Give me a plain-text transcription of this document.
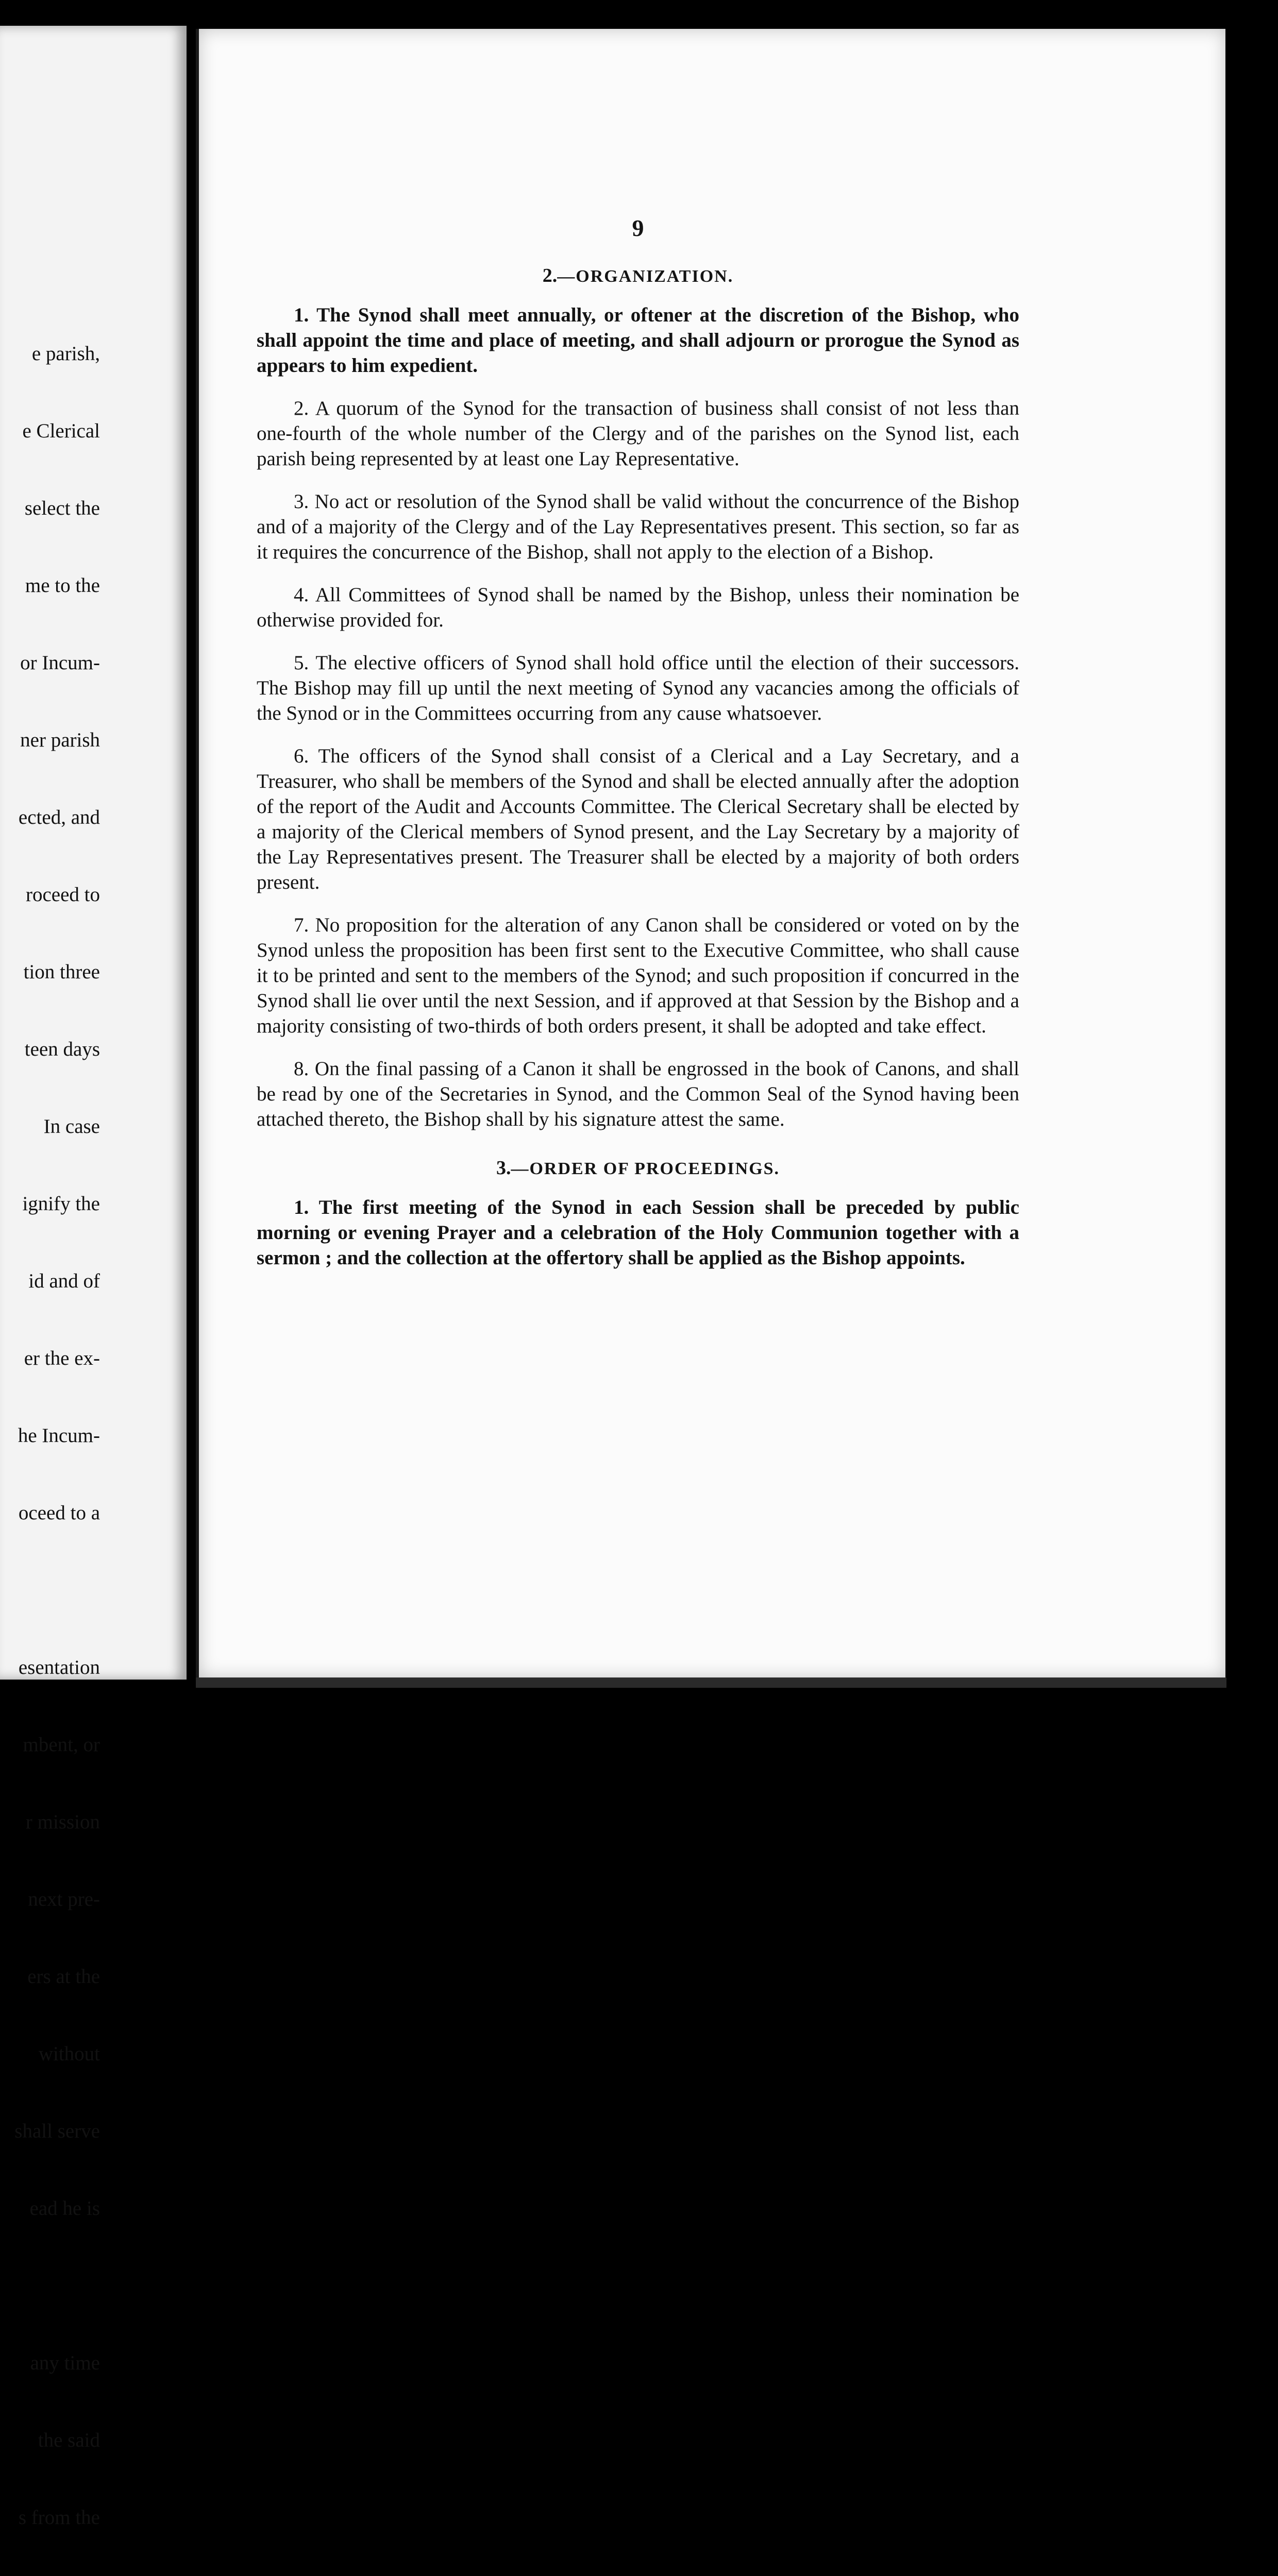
e parish,

e Clerical

select the

me to the

or Incum-

ner parish

ected, and

roceed to

tion three

teen days

In case

ignify the

id and of

er the ex-

he Incum-

oceed to a

esentation

mbent, or

r mission

next pre-

ers at the

without

shall serve

ead he is

any time

the said

s from the

9
2.—ORGANIZATION.

1. The Synod shall meet annually, or oftener at the discretion of the Bishop, who shall appoint the time and place of meeting, and shall adjourn or prorogue the Synod as appears to him expedient.

2. A quorum of the Synod for the transaction of business shall consist of not less than one-fourth of the whole number of the Clergy and of the parishes on the Synod list, each parish being represented by at least one Lay Representative.

3. No act or resolution of the Synod shall be valid without the concurrence of the Bishop and of a majority of the Clergy and of the Lay Representatives present. This section, so far as it requires the concurrence of the Bishop, shall not apply to the election of a Bishop.

4. All Committees of Synod shall be named by the Bishop, unless their nomination be otherwise provided for.

5. The elective officers of Synod shall hold office until the election of their successors. The Bishop may fill up until the next meeting of Synod any vacancies among the officials of the Synod or in the Committees occurring from any cause whatsoever.

6. The officers of the Synod shall consist of a Clerical and a Lay Secretary, and a Treasurer, who shall be members of the Synod and shall be elected annually after the adoption of the report of the Audit and Accounts Committee. The Clerical Secretary shall be elected by a majority of the Clerical members of Synod present, and the Lay Secretary by a majority of the Lay Representatives present. The Treasurer shall be elected by a majority of both orders present.

7. No proposition for the alteration of any Canon shall be considered or voted on by the Synod unless the proposition has been first sent to the Executive Committee, who shall cause it to be printed and sent to the members of the Synod; and such proposition if concurred in the Synod shall lie over until the next Session, and if approved at that Session by the Bishop and a majority consisting of two-thirds of both orders present, it shall be adopted and take effect.

8. On the final passing of a Canon it shall be engrossed in the book of Canons, and shall be read by one of the Secretaries in Synod, and the Common Seal of the Synod having been attached thereto, the Bishop shall by his signature attest the same.

3.—ORDER OF PROCEEDINGS.

1. The first meeting of the Synod in each Session shall be preceded by public morning or evening Prayer and a celebration of the Holy Communion together with a sermon ; and the collection at the offertory shall be applied as the Bishop appoints.
